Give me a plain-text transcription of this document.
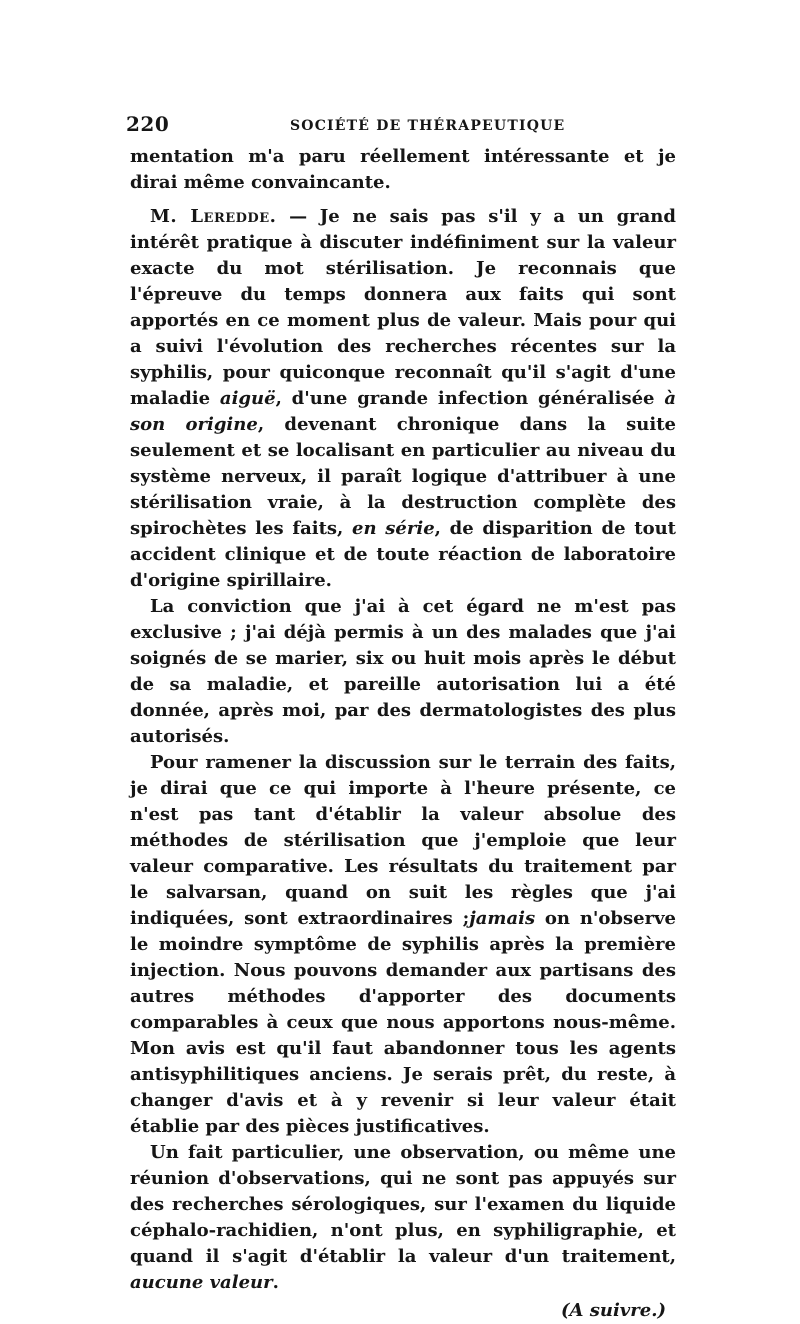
220	SOCIÉTÉ DE THÉRAPEUTIQUE

mentation m'a paru réellement intéressante et je dirai même convaincante.

M. Leredde. — Je ne sais pas s'il y a un grand intérêt pratique à discuter indéfiniment sur la valeur exacte du mot stérilisation. Je reconnais que l'épreuve du temps donnera aux faits qui sont apportés en ce moment plus de valeur. Mais pour qui a suivi l'évolution des recherches récentes sur la syphilis, pour quiconque reconnaît qu'il s'agit d'une maladie aiguë, d'une grande infection généralisée à son origine, devenant chronique dans la suite seulement et se localisant en particulier au niveau du système nerveux, il paraît logique d'attribuer à une stérilisation vraie, à la destruction complète des spirochètes les faits, en série, de disparition de tout accident clinique et de toute réaction de laboratoire d'origine spirillaire.

La conviction que j'ai à cet égard ne m'est pas exclusive ; j'ai déjà permis à un des malades que j'ai soignés de se marier, six ou huit mois après le début de sa maladie, et pareille autorisation lui a été donnée, après moi, par des dermatologistes des plus autorisés.

Pour ramener la discussion sur le terrain des faits, je dirai que ce qui importe à l'heure présente, ce n'est pas tant d'établir la valeur absolue des méthodes de stérilisation que j'emploie que leur valeur comparative. Les résultats du traitement par le salvarsan, quand on suit les règles que j'ai indiquées, sont extraordinaires ;jamais on n'observe le moindre symptôme de syphilis après la première injection. Nous pouvons demander aux partisans des autres méthodes d'apporter des documents comparables à ceux que nous apportons nous-même. Mon avis est qu'il faut abandonner tous les agents antisyphilitiques anciens. Je serais prêt, du reste, à changer d'avis et à y revenir si leur valeur était établie par des pièces justificatives.

Un fait particulier, une observation, ou même une réunion d'observations, qui ne sont pas appuyés sur des recherches sérologiques, sur l'examen du liquide céphalo-rachidien, n'ont plus, en syphiligraphie, et quand il s'agit d'établir la valeur d'un traitement, aucune valeur.

(A suivre.)
